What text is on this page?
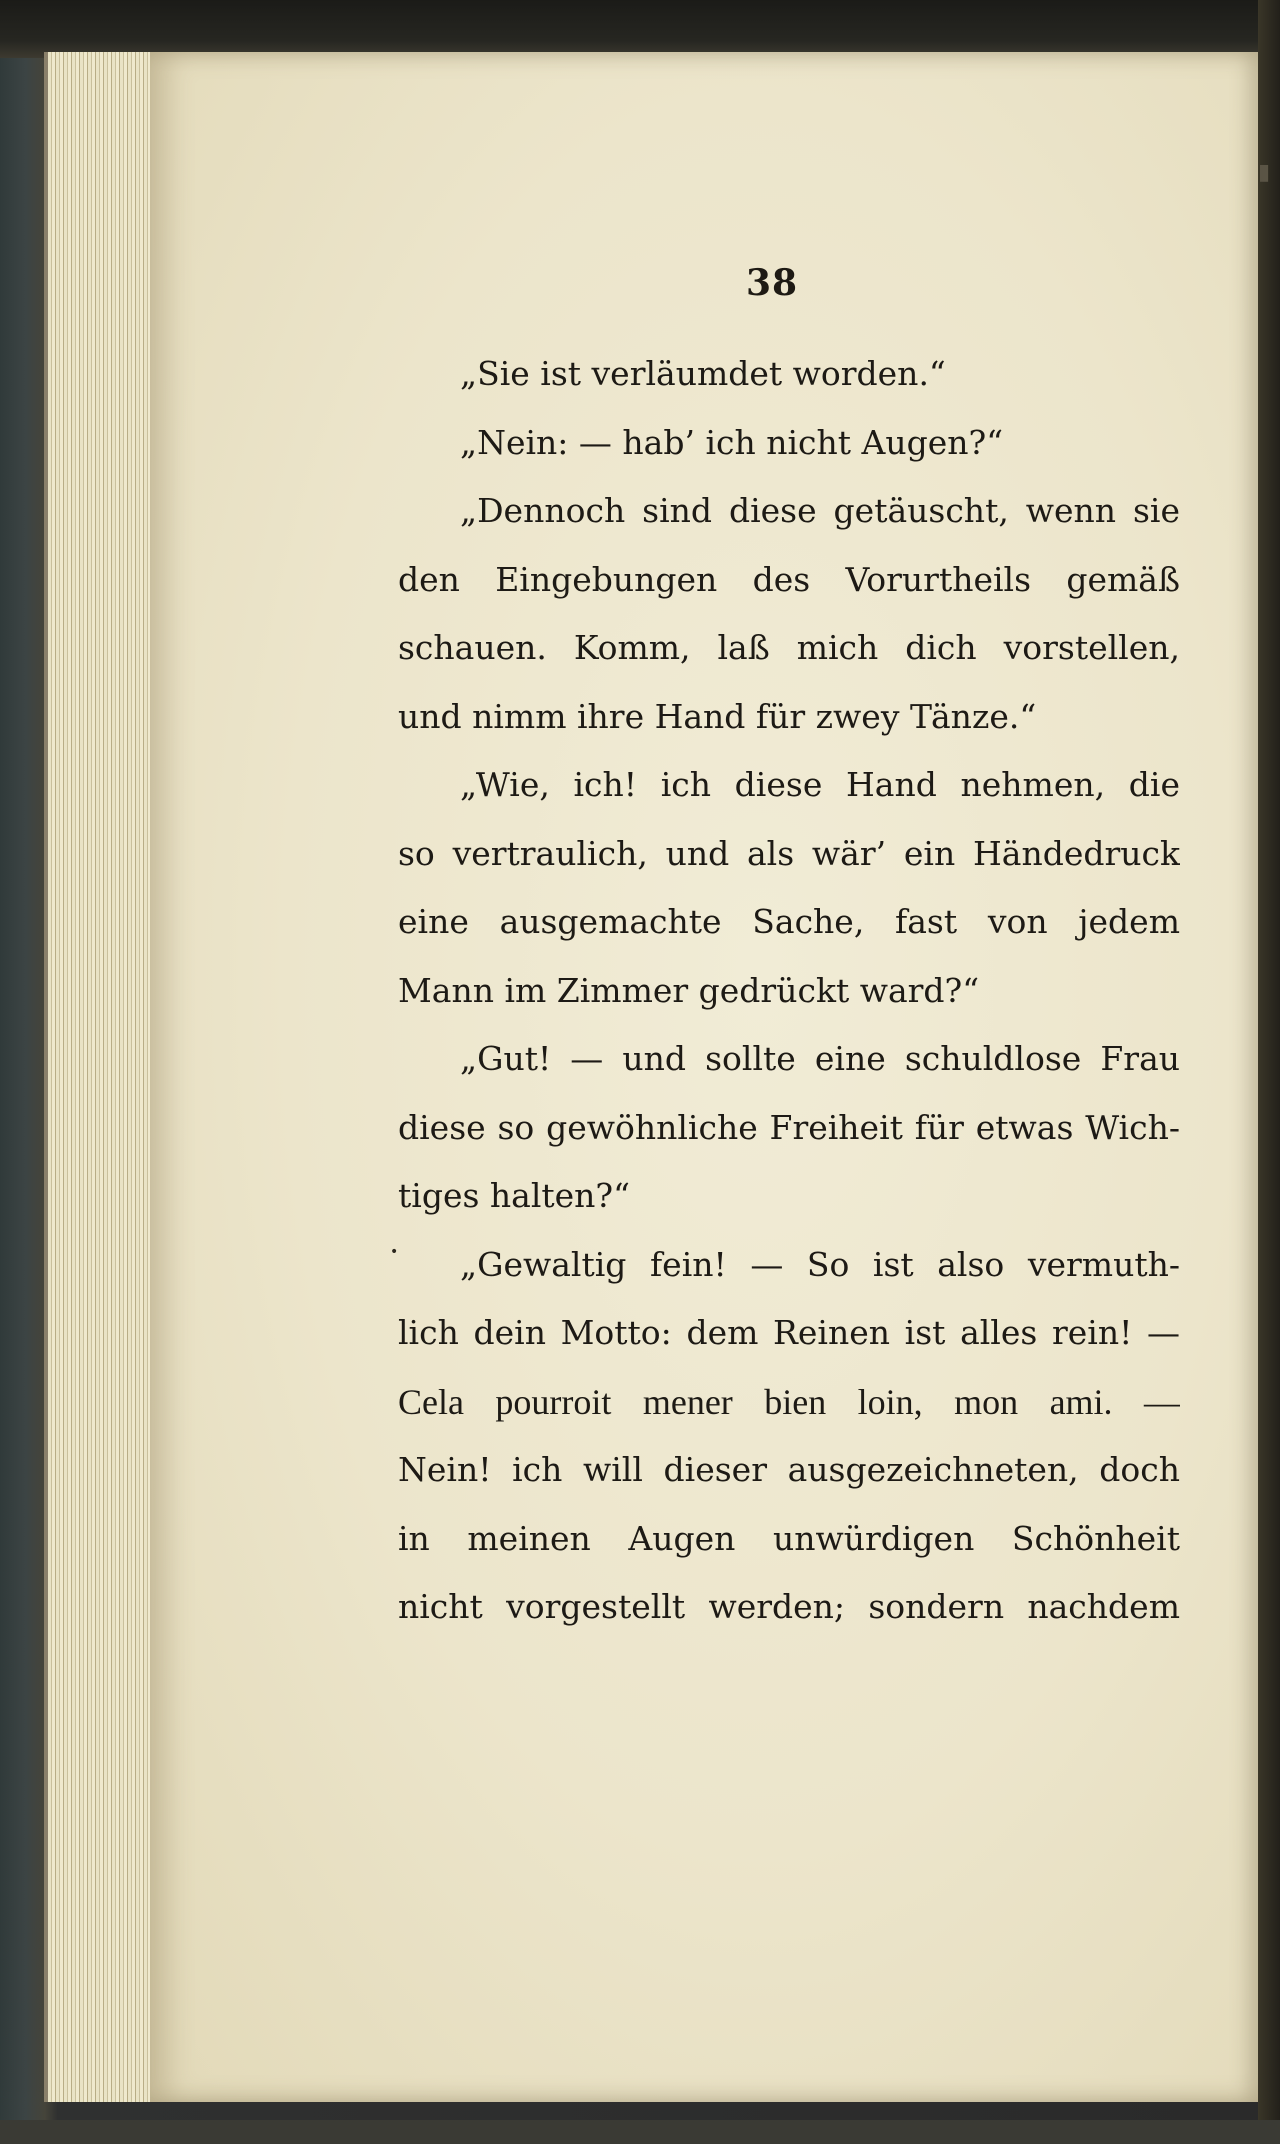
38
„Sie ist verläumdet worden.“
„Nein: — hab’ ich nicht Augen?“
„Dennoch sind diese getäuscht, wenn sie
den Eingebungen des Vorurtheils gemäß
schauen. Komm, laß mich dich vorstellen,
und nimm ihre Hand für zwey Tänze.“
„Wie, ich! ich diese Hand nehmen, die
so vertraulich, und als wär’ ein Händedruck
eine ausgemachte Sache, fast von jedem
Mann im Zimmer gedrückt ward?“
„Gut! — und sollte eine schuldlose Frau
diese so gewöhnliche Freiheit für etwas Wich-
tiges halten?“
„Gewaltig fein! — So ist also vermuth-
lich dein Motto: dem Reinen ist alles rein! —
Cela pourroit mener bien loin, mon ami. —
Nein! ich will dieser ausgezeichneten, doch
in meinen Augen unwürdigen Schönheit
nicht vorgestellt werden; sondern nachdem
•
▮
